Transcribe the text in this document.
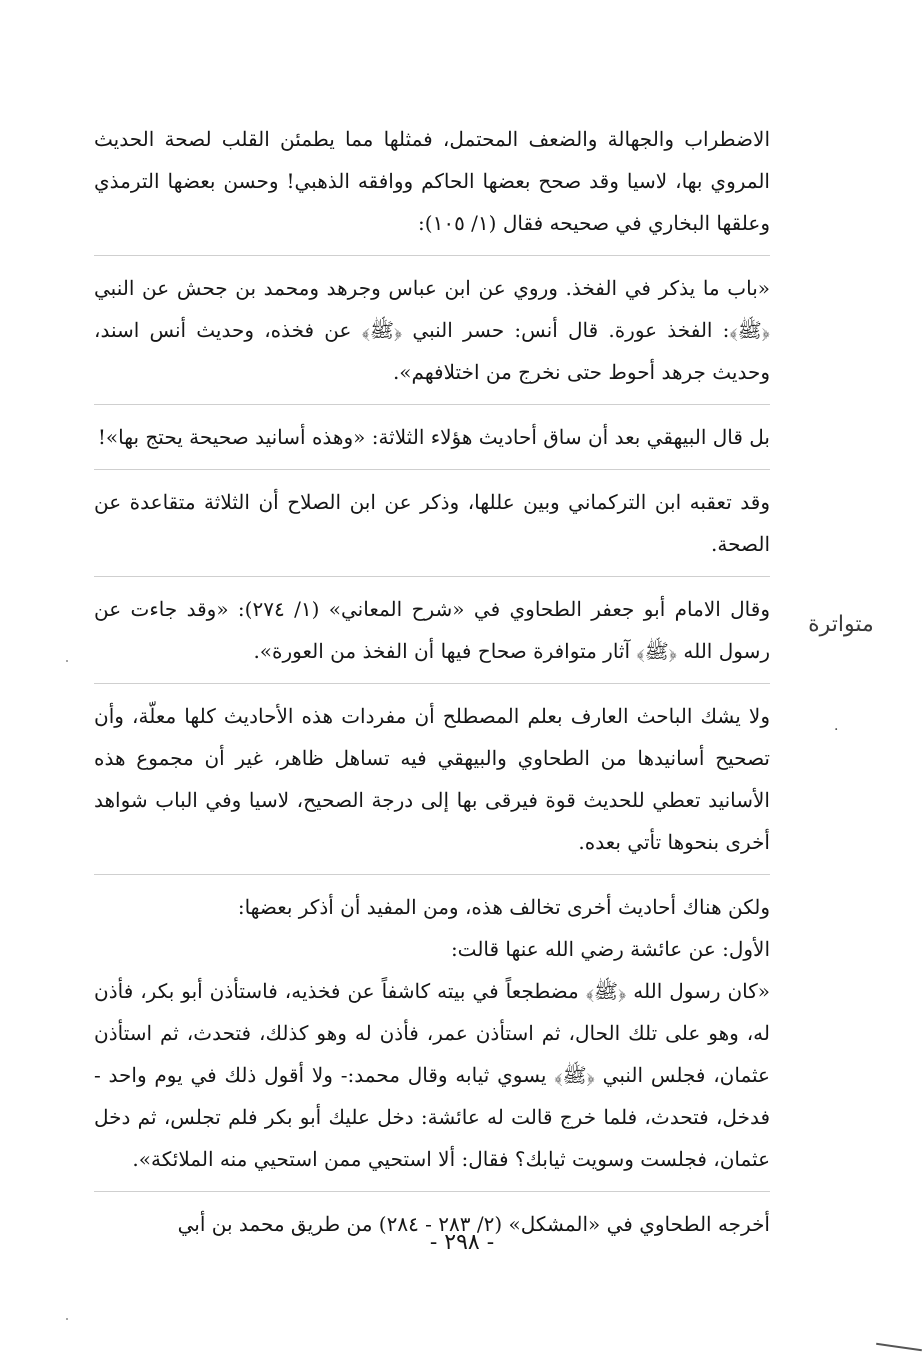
الاضطراب والجهالة والضعف المحتمل، فمثلها مما يطمئن القلب لصحة الحديث المروي بها، لاسيا وقد صحح بعضها الحاكم ووافقه الذهبي! وحسن بعضها الترمذي وعلقها البخاري في صحيحه فقال (١/ ١٠٥):

«باب ما يذكر في الفخذ. وروي عن ابن عباس وجرهد ومحمد بن جحش عن النبي ﴿ﷺ﴾: الفخذ عورة. قال أنس: حسر النبي ﴿ﷺ﴾ عن فخذه، وحديث أنس اسند، وحديث جرهد أحوط حتى نخرج من اختلافهم».

بل قال البيهقي بعد أن ساق أحاديث هؤلاء الثلاثة: «وهذه أسانيد صحيحة يحتج بها»!

وقد تعقبه ابن التركماني وبين عللها، وذكر عن ابن الصلاح أن الثلاثة متقاعدة عن الصحة.

وقال الامام أبو جعفر الطحاوي في «شرح المعاني» (١/ ٢٧٤): «وقد جاءت عن رسول الله ﴿ﷺ﴾ آثار متوافرة صحاح فيها أن الفخذ من العورة».

ولا يشك الباحث العارف بعلم المصطلح أن مفردات هذه الأحاديث كلها معلّة، وأن تصحيح أسانيدها من الطحاوي والبيهقي فيه تساهل ظاهر، غير أن مجموع هذه الأسانيد تعطي للحديث قوة فيرقى بها إلى درجة الصحيح، لاسيا وفي الباب شواهد أخرى بنحوها تأتي بعده.

ولكن هناك أحاديث أخرى تخالف هذه، ومن المفيد أن أذكر بعضها:

الأول: عن عائشة رضي الله عنها قالت:

«كان رسول الله ﴿ﷺ﴾ مضطجعاً في بيته كاشفاً عن فخذيه، فاستأذن أبو بكر، فأذن له، وهو على تلك الحال، ثم استأذن عمر، فأذن له وهو كذلك، فتحدث، ثم استأذن عثمان، فجلس النبي ﴿ﷺ﴾ يسوي ثيابه وقال محمد:- ولا أقول ذلك في يوم واحد - فدخل، فتحدث، فلما خرج قالت له عائشة: دخل عليك أبو بكر فلم تجلس، ثم دخل عثمان، فجلست وسويت ثيابك؟ فقال: ألا استحيي ممن استحيي منه الملائكة».

أخرجه الطحاوي في «المشكل» (٢/ ٢٨٣ - ٢٨٤) من طريق محمد بن أبي

متواترة
·
- ٢٩٨ -
